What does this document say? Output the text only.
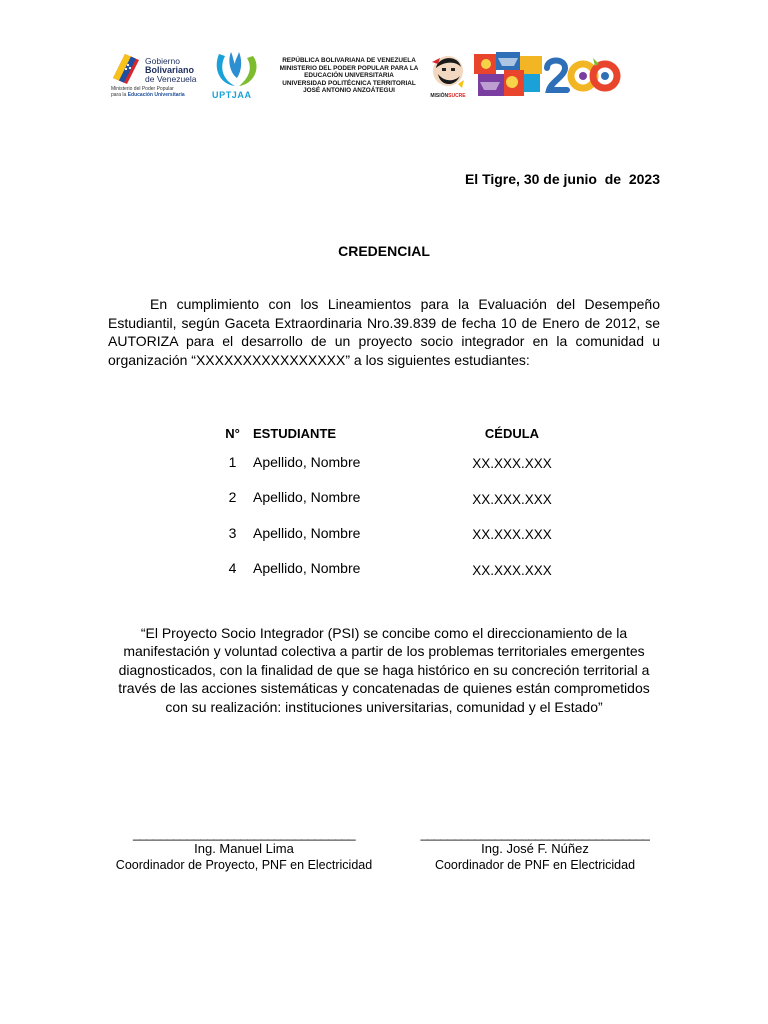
Gobierno
Bolivariano
de Venezuela
Ministerio del Poder Popular
para la Educación Universitaria	UPTJAA
REPÚBLICA BOLIVARIANA DE VENEZUELA
MINISTERIO DEL PODER POPULAR PARA LA
EDUCACIÓN UNIVERSITARIA
UNIVERSIDAD POLITÉCNICA TERRITORIAL
JOSÉ ANTONIO ANZOÁTEGUI
MISIÓNSUCRE
El Tigre, 30 de junio  de  2023
CREDENCIAL

En cumplimiento con los Lineamientos para la Evaluación del Desempeño Estudiantil, según Gaceta Extraordinaria Nro.39.839 de fecha 10 de Enero de 2012, se AUTORIZA para el desarrollo de un proyecto socio integrador en la comunidad u organización “XXXXXXXXXXXXXXXX” a los siguientes estudiantes:

N°	ESTUDIANTE	CÉDULA
1	Apellido, Nombre	XX.XXX.XXX
2	Apellido, Nombre	XX.XXX.XXX
3	Apellido, Nombre	XX.XXX.XXX
4	Apellido, Nombre	XX.XXX.XXX

“El Proyecto Socio Integrador (PSI) se concibe como el direccionamiento de la manifestación y voluntad colectiva a partir de los problemas territoriales emergentes diagnosticados, con la finalidad de que se haga histórico en su concreción territorial a través de las acciones sistemáticas y concatenadas de quienes están comprometidos con su realización: instituciones universitarias, comunidad y el Estado”

_________________________________
Ing. Manuel Lima
Coordinador de Proyecto, PNF en Electricidad
__________________________________
Ing. José F. Núñez
Coordinador de PNF en Electricidad
